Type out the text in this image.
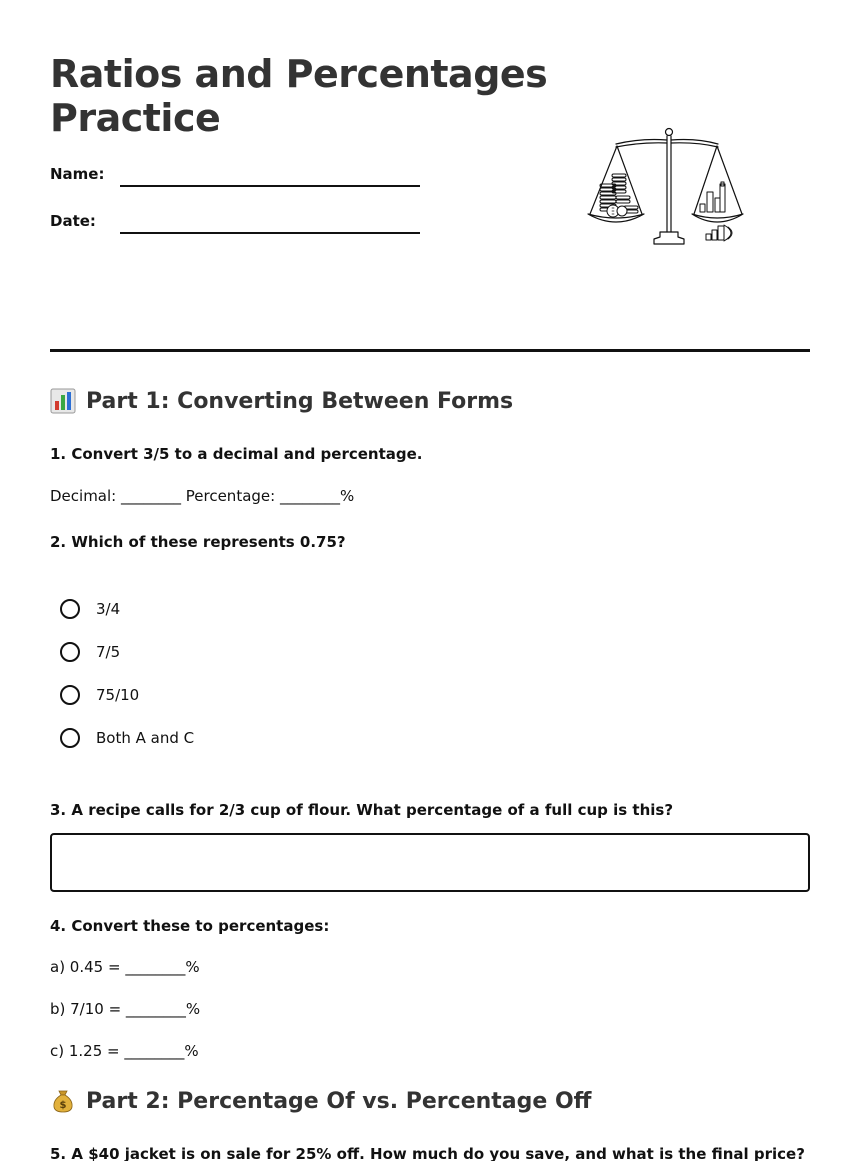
Ratios and Percentages
Practice
Name:
Date:
Part 1: Converting Between Forms

1. Convert 3/5 to a decimal and percentage.

Decimal: ________ Percentage: ________%

2. Which of these represents 0.75?

3/4
7/5
75/10
Both A and C

3. A recipe calls for 2/3 cup of flour. What percentage of a full cup is this?

4. Convert these to percentages:

a) 0.45 = ________%
b) 7/10 = ________%
c) 1.25 = ________%
$ Part 2: Percentage Of vs. Percentage Off

5. A $40 jacket is on sale for 25% off. How much do you save, and what is the final price?
